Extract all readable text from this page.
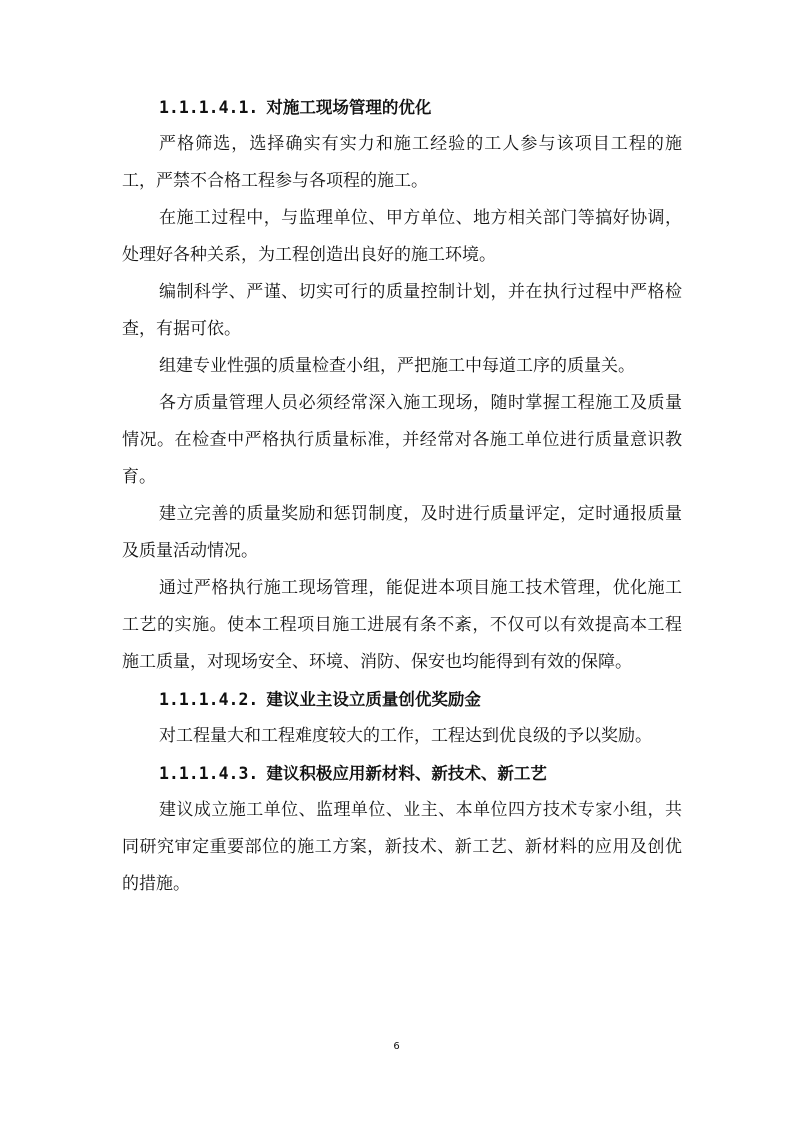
1.1.1.4.1. 对施工现场管理的优化

严格筛选，选择确实有实力和施工经验的工人参与该项目工程的施工，严禁不合格工程参与各项程的施工。

在施工过程中，与监理单位、甲方单位、地方相关部门等搞好协调，处理好各种关系，为工程创造出良好的施工环境。

编制科学、严谨、切实可行的质量控制计划，并在执行过程中严格检查，有据可依。

组建专业性强的质量检查小组，严把施工中每道工序的质量关。

各方质量管理人员必须经常深入施工现场，随时掌握工程施工及质量情况。在检查中严格执行质量标准，并经常对各施工单位进行质量意识教育。

建立完善的质量奖励和惩罚制度，及时进行质量评定，定时通报质量及质量活动情况。

通过严格执行施工现场管理，能促进本项目施工技术管理，优化施工工艺的实施。使本工程项目施工进展有条不紊，不仅可以有效提高本工程施工质量，对现场安全、环境、消防、保安也均能得到有效的保障。

1.1.1.4.2. 建议业主设立质量创优奖励金

对工程量大和工程难度较大的工作，工程达到优良级的予以奖励。

1.1.1.4.3. 建议积极应用新材料、新技术、新工艺

建议成立施工单位、监理单位、业主、本单位四方技术专家小组，共同研究审定重要部位的施工方案，新技术、新工艺、新材料的应用及创优的措施。

6
